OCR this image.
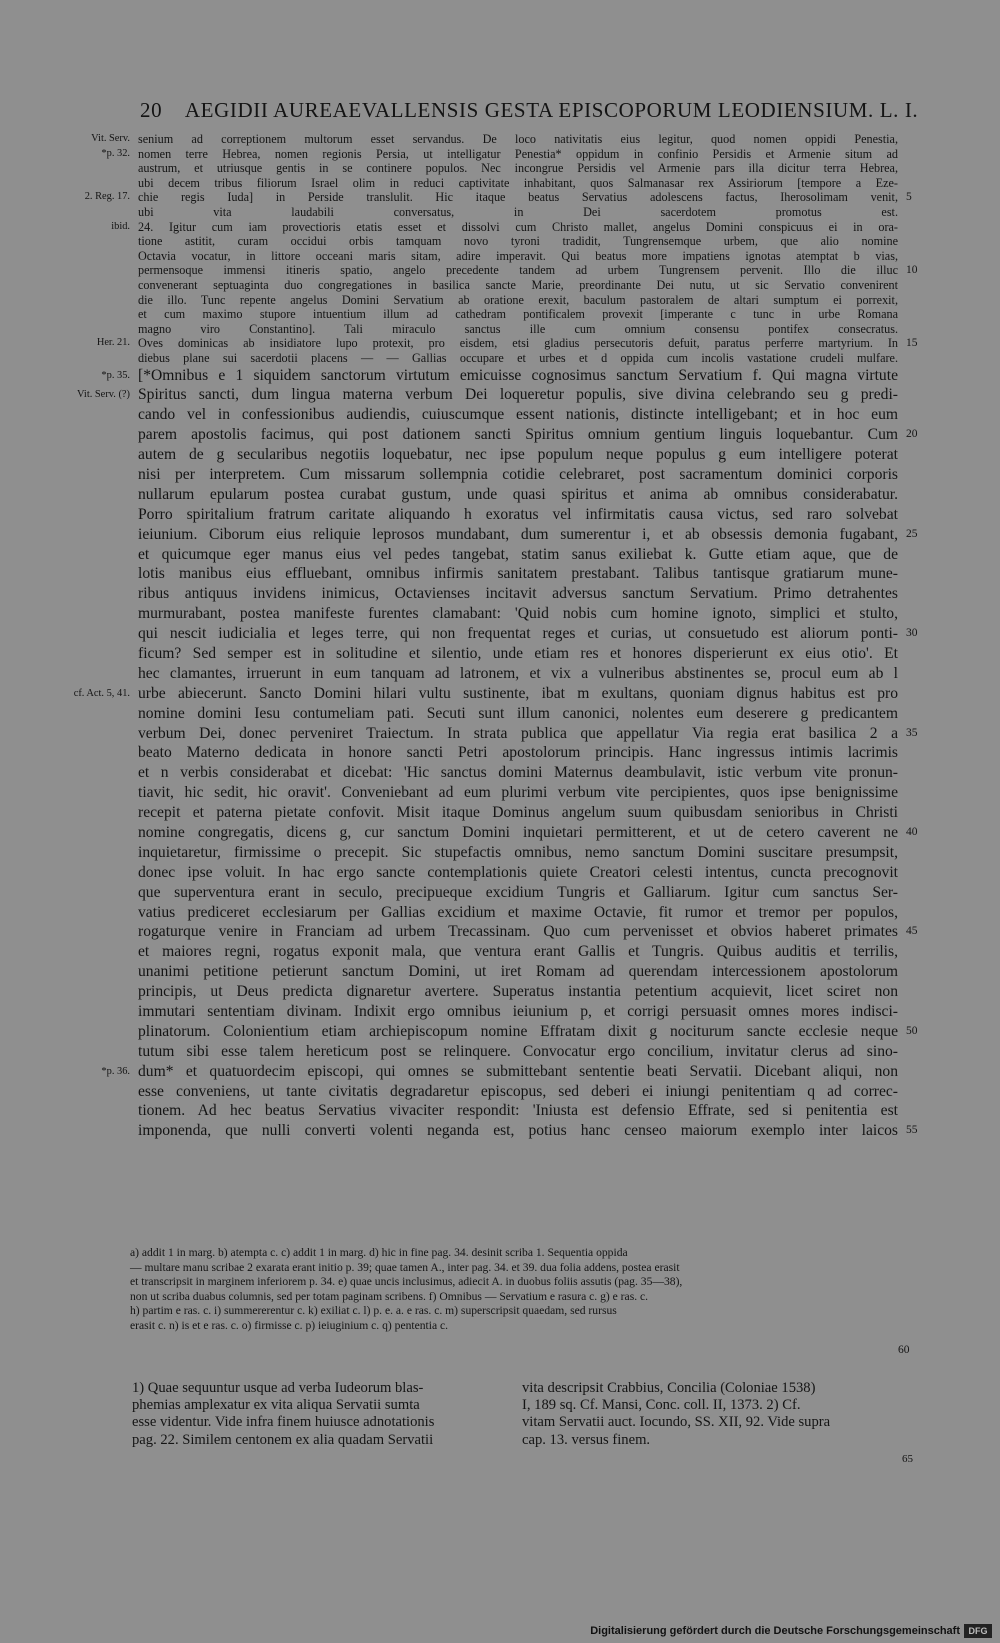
20 AEGIDII AUREAEVALLENSIS GESTA EPISCOPORUM LEODIENSIUM. L. I.
Vit. Serv. senium ad correptionem multorum esset servandus. De loco nativitatis eius legitur, quod nomen oppidi Penestia,
*p. 32. nomen terre Hebrea, nomen regionis Persia, ut intelligatur Penestia* oppidum in confinio Persidis et Armenie situm ad
austrum, et utriusque gentis in se continere populos. Nec incongrue Persidis vel Armenie pars illa dicitur terra Hebrea,
ubi decem tribus filiorum Israel olim in reduci captivitate inhabitant, quos Salmanasar rex Assiriorum [tempore a Eze-
2. Reg. 17. chie regis Iuda] in Perside translulit. Hic itaque beatus Servatius adolescens factus, Iherosolimam venit, 5
ubi vita laudabili conversatus, in Dei sacerdotem promotus est.
ibid. 24. Igitur cum iam provectioris etatis esset et dissolvi cum Christo mallet, angelus Domini conspicuus ei in ora-
tione astitit, curam occidui orbis tamquam novo tyroni tradidit, Tungrensemque urbem, que alio nomine
Octavia vocatur, in littore occeani maris sitam, adire imperavit. Qui beatus more impatiens ignotas atemptat b vias,
permensoque immensi itineris spatio, angelo precedente tandem ad urbem Tungrensem pervenit. Illo die illuc 10
convenerant septuaginta duo congregationes in basilica sancte Marie, preordinante Dei nutu, ut sic Servatio convenirent
die illo. Tunc repente angelus Domini Servatium ab oratione erexit, baculum pastoralem de altari sumptum ei porrexit,
et cum maximo stupore intuentium illum ad cathedram pontificalem provexit [imperante c tunc in urbe Romana
magno viro Constantino]. Tali miraculo sanctus ille cum omnium consensu pontifex consecratus.
Her. 21. Oves dominicas ab insidiatore lupo protexit, pro eisdem, etsi gladius persecutoris defuit, paratus perferre martyrium. In 15
diebus plane sui sacerdotii placens — — Gallias occupare et urbes et d oppida cum incolis vastatione crudeli mulfare.
*p. 35. [*Omnibus e 1 siquidem sanctorum virtutum emicuisse cognosimus sanctum Servatium f. Qui magna virtute
Vit. Serv. (?) Spiritus sancti, dum lingua materna verbum Dei loqueretur populis, sive divina celebrando seu g predi-
cando vel in confessionibus audiendis, cuiuscumque essent nationis, distincte intelligebant; et in hoc eum
parem apostolis facimus, qui post dationem sancti Spiritus omnium gentium linguis loquebantur. Cum 20
autem de g secularibus negotiis loquebatur, nec ipse populum neque populus g eum intelligere poterat
nisi per interpretem. Cum missarum sollempnia cotidie celebraret, post sacramentum dominici corporis
nullarum epularum postea curabat gustum, unde quasi spiritus et anima ab omnibus considerabatur.
Porro spiritalium fratrum caritate aliquando h exoratus vel infirmitatis causa victus, sed raro solvebat
ieiunium. Ciborum eius reliquie leprosos mundabant, dum sumerentur i, et ab obsessis demonia fugabant, 25
et quicumque eger manus eius vel pedes tangebat, statim sanus exiliebat k. Gutte etiam aque, que de
lotis manibus eius effluebant, omnibus infirmis sanitatem prestabant. Talibus tantisque gratiarum mune-
ribus antiquus invidens inimicus, Octavienses incitavit adversus sanctum Servatium. Primo detrahentes
murmurabant, postea manifeste furentes clamabant: 'Quid nobis cum homine ignoto, simplici et stulto,
qui nescit iudicialia et leges terre, qui non frequentat reges et curias, ut consuetudo est aliorum ponti- 30
ficum? Sed semper est in solitudine et silentio, unde etiam res et honores disperierunt ex eius otio'. Et
hec clamantes, irruerunt in eum tanquam ad latronem, et vix a vulneribus abstinentes se, procul eum ab l
cf. Act. 5, 41. urbe abiecerunt. Sancto Domini hilari vultu sustinente, ibat m exultans, quoniam dignus habitus est pro
nomine domini Iesu contumeliam pati. Secuti sunt illum canonici, nolentes eum deserere g predicantem
verbum Dei, donec perveniret Traiectum. In strata publica que appellatur Via regia erat basilica 2 a 35
beato Materno dedicata in honore sancti Petri apostolorum principis. Hanc ingressus intimis lacrimis
et n verbis considerabat et dicebat: 'Hic sanctus domini Maternus deambulavit, istic verbum vite pronun-
tiavit, hic sedit, hic oravit'. Conveniebant ad eum plurimi verbum vite percipientes, quos ipse benignissime
recepit et paterna pietate confovit. Misit itaque Dominus angelum suum quibusdam senioribus in Christi
nomine congregatis, dicens g, cur sanctum Domini inquietari permitterent, et ut de cetero caverent ne 40
inquietaretur, firmissime o precepit. Sic stupefactis omnibus, nemo sanctum Domini suscitare presumpsit,
donec ipse voluit. In hac ergo sancte contemplationis quiete Creatori celesti intentus, cuncta precognovit
que superventura erant in seculo, precipueque excidium Tungris et Galliarum. Igitur cum sanctus Ser-
vatius prediceret ecclesiarum per Gallias excidium et maxime Octavie, fit rumor et tremor per populos,
rogaturque venire in Franciam ad urbem Trecassinam. Quo cum pervenisset et obvios haberet primates 45
et maiores regni, rogatus exponit mala, que ventura erant Gallis et Tungris. Quibus auditis et terrilis,
unanimi petitione petierunt sanctum Domini, ut iret Romam ad querendam intercessionem apostolorum
principis, ut Deus predicta dignaretur avertere. Superatus instantia petentium acquievit, licet sciret non
immutari sententiam divinam. Indixit ergo omnibus ieiunium p, et corrigi persuasit omnes mores indisci-
plinatorum. Colonientium etiam archiepiscopum nomine Effratam dixit g nociturum sancte ecclesie neque 50
tutum sibi esse talem hereticum post se relinquere. Convocatur ergo concilium, invitatur clerus ad sino-
*p. 36. dum* et quatuordecim episcopi, qui omnes se submittebant sententie beati Servatii. Dicebant aliqui, non
esse conveniens, ut tante civitatis degradaretur episcopus, sed deberi ei iniungi penitentiam q ad correc-
tionem. Ad hec beatus Servatius vivaciter respondit: 'Iniusta est defensio Effrate, sed si penitentia est
imponenda, que nulli converti volenti neganda est, potius hanc censeo maiorum exemplo inter laicos 55
a) addit 1 in marg. b) atempta c. c) addit 1 in marg. d) hic in fine pag. 34. desinit scriba 1. Sequentia oppida
— multare manu scribae 2 exarata erant initio p. 39; quae tamen A., inter pag. 34. et 39. dua folia addens, postea erasit
et transcripsit in marginem inferiorem p. 34. e) quae uncis inclusimus, adiecit A. in duobus foliis assutis (pag. 35—38),
non ut scriba duabus columnis, sed per totam paginam scribens. f) Omnibus — Servatium e rasura c. g) e ras. c.
h) partim e ras. c. i) summererentur c. k) exiliat c. l) p. e. a. e ras. c. m) superscripsit quaedam, sed rursus
erasit c. n) is et e ras. c. o) firmisse c. p) ieiuginium c. q) pententia c.
60
1) Quae sequuntur usque ad verba Iudeorum blas-
phemias amplexatur ex vita aliqua Servatii sumta
esse videntur. Vide infra finem huiusce adnotationis
pag. 22. Similem centonem ex alia quadam Servatii
vita descripsit Crabbius, Concilia (Coloniae 1538)
I, 189 sq. Cf. Mansi, Conc. coll. II, 1373. 2) Cf.
vitam Servatii auct. Iocundo, SS. XII, 92. Vide supra
cap. 13. versus finem.
65
Digitalisierung gefördert durch die Deutsche Forschungsgemeinschaft DFG
